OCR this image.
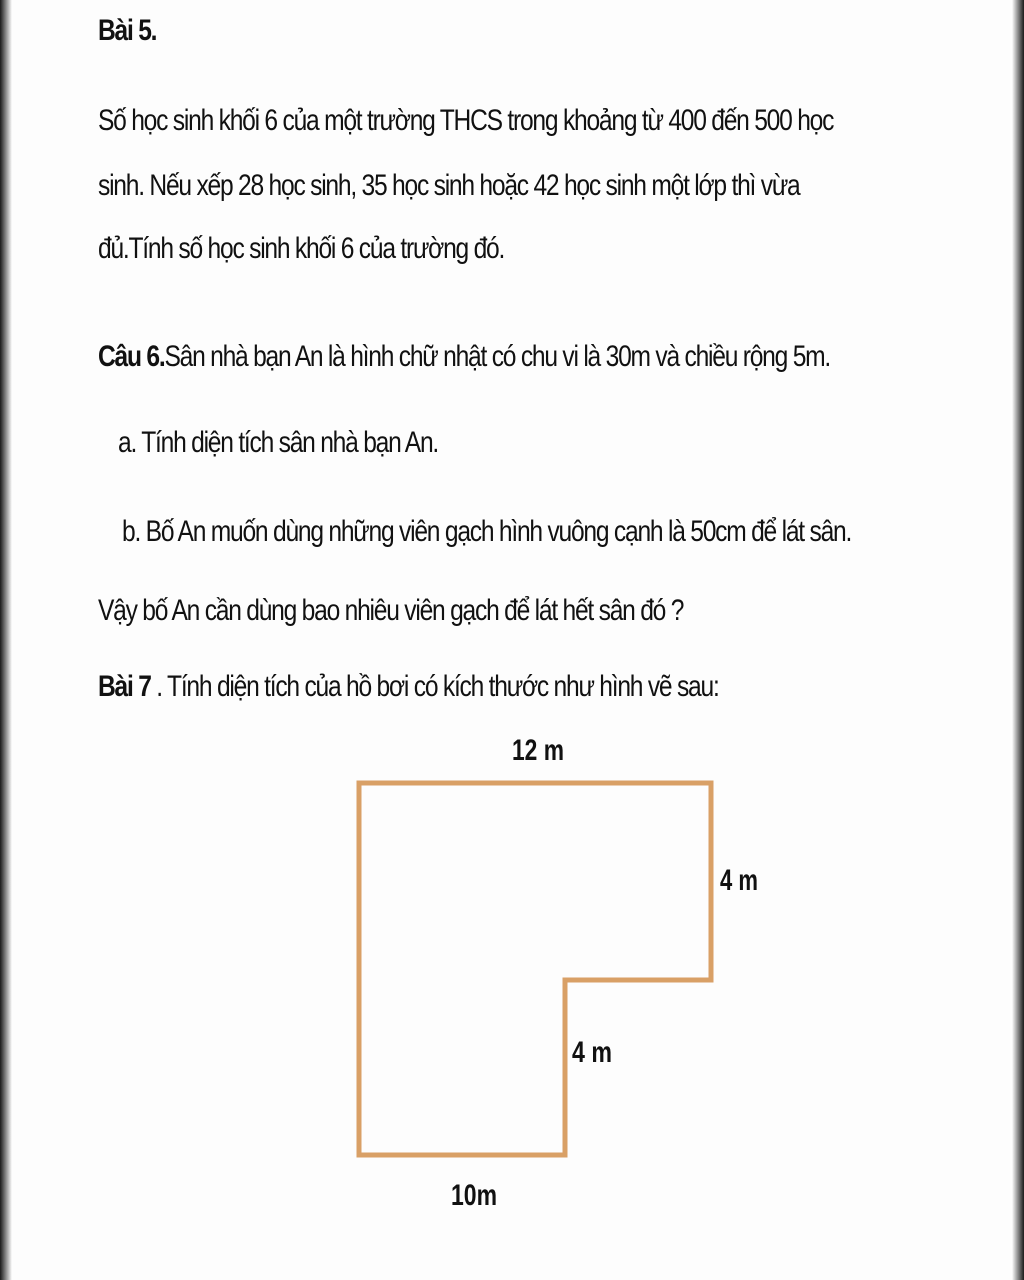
Bài 5.

Số học sinh khối 6 của một trường THCS trong khoảng từ 400 đến 500 học

sinh. Nếu xếp 28 học sinh, 35 học sinh hoặc 42 học sinh một lớp thì vừa

đủ.Tính số học sinh khối 6 của trường đó.

Câu 6.Sân nhà bạn An là hình chữ nhật có chu vi là 30m và chiều rộng 5m.

a. Tính diện tích sân nhà bạn An.

b. Bố An muốn dùng những viên gạch hình vuông cạnh là 50cm để lát sân.

Vậy bố An cần dùng bao nhiêu viên gạch để lát hết sân đó ?

Bài 7 . Tính diện tích của hồ bơi có kích thước như hình vẽ sau:

12 m
4 m
4 m
10m
